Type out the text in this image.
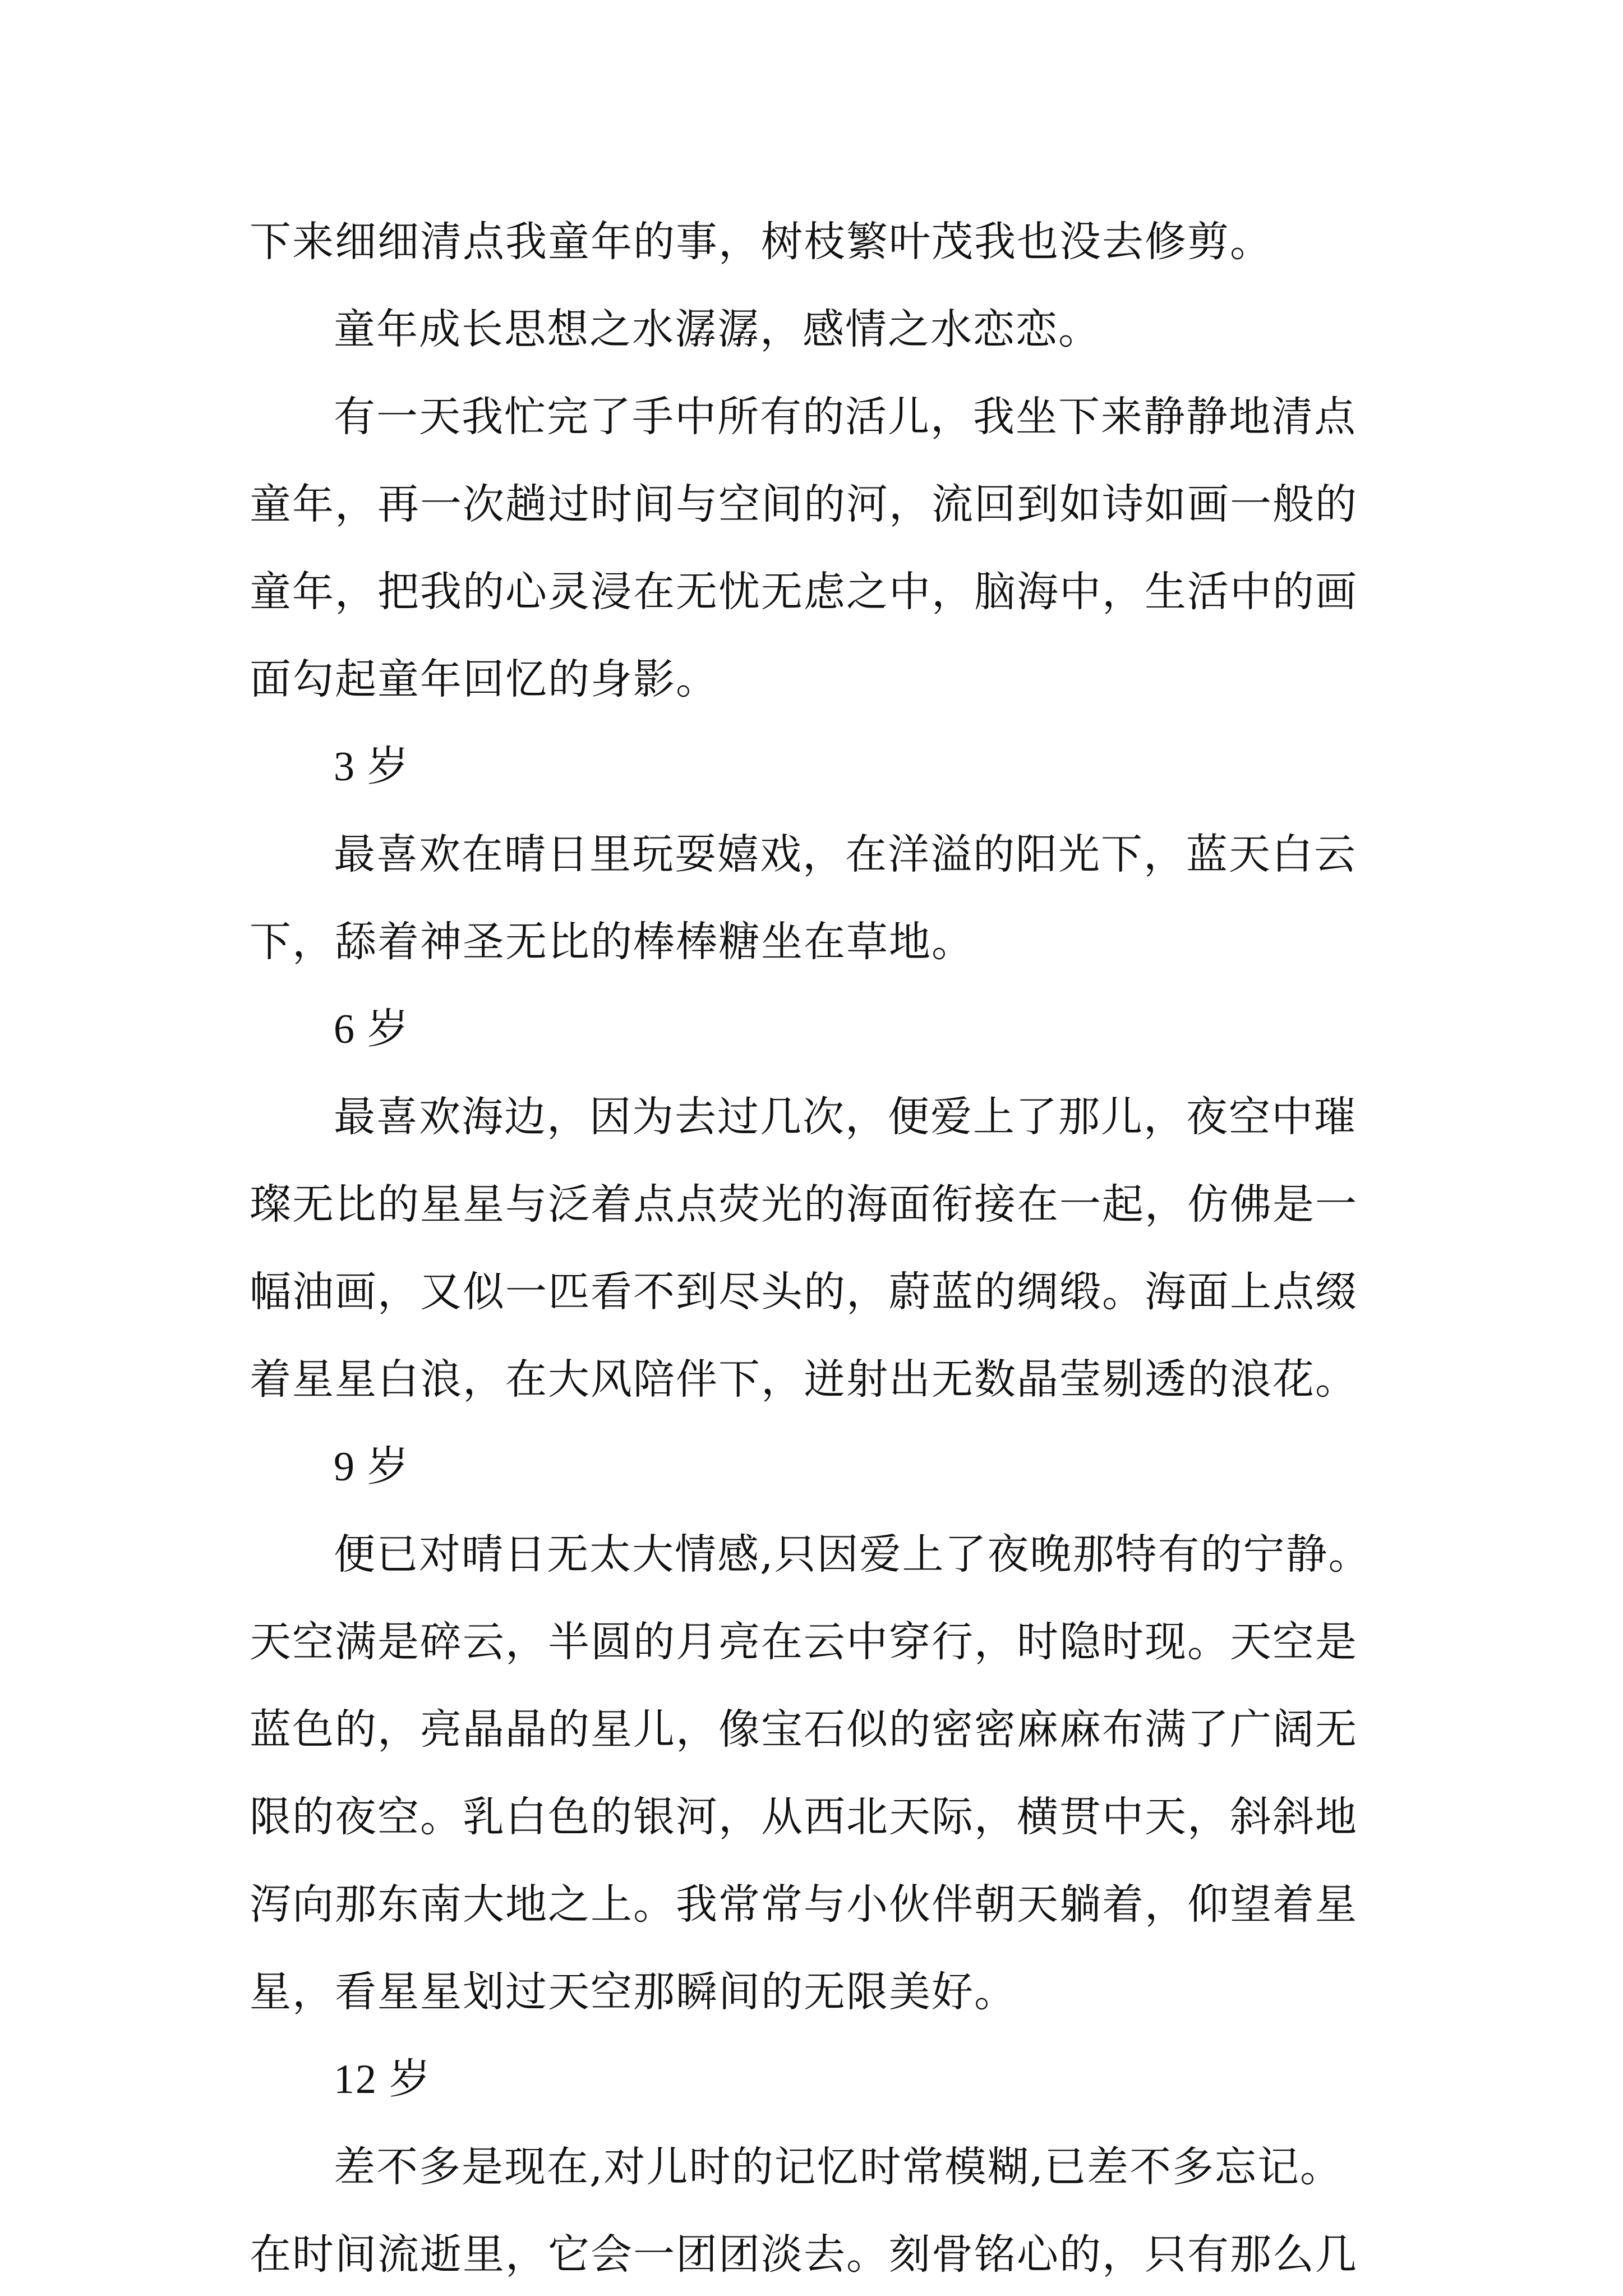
下来细细清点我童年的事，树枝繁叶茂我也没去修剪。

童年成长思想之水潺潺，感情之水恋恋。

有一天我忙完了手中所有的活儿，我坐下来静静地清点

童年，再一次趟过时间与空间的河，流回到如诗如画一般的

童年，把我的心灵浸在无忧无虑之中，脑海中，生活中的画

面勾起童年回忆的身影。

3 岁

最喜欢在晴日里玩耍嬉戏，在洋溢的阳光下，蓝天白云

下，舔着神圣无比的棒棒糖坐在草地。

6 岁

最喜欢海边，因为去过几次，便爱上了那儿，夜空中璀

璨无比的星星与泛着点点荧光的海面衔接在一起，仿佛是一

幅油画，又似一匹看不到尽头的，蔚蓝的绸缎。海面上点缀

着星星白浪，在大风陪伴下，迸射出无数晶莹剔透的浪花。

9 岁

便已对晴日无太大情感,只因爱上了夜晚那特有的宁静。

天空满是碎云，半圆的月亮在云中穿行，时隐时现。天空是

蓝色的，亮晶晶的星儿，像宝石似的密密麻麻布满了广阔无

限的夜空。乳白色的银河，从西北天际，横贯中天，斜斜地

泻向那东南大地之上。我常常与小伙伴朝天躺着，仰望着星

星，看星星划过天空那瞬间的无限美好。

12 岁

差不多是现在,对儿时的记忆时常模糊,已差不多忘记。

在时间流逝里，它会一团团淡去。刻骨铭心的，只有那么几
